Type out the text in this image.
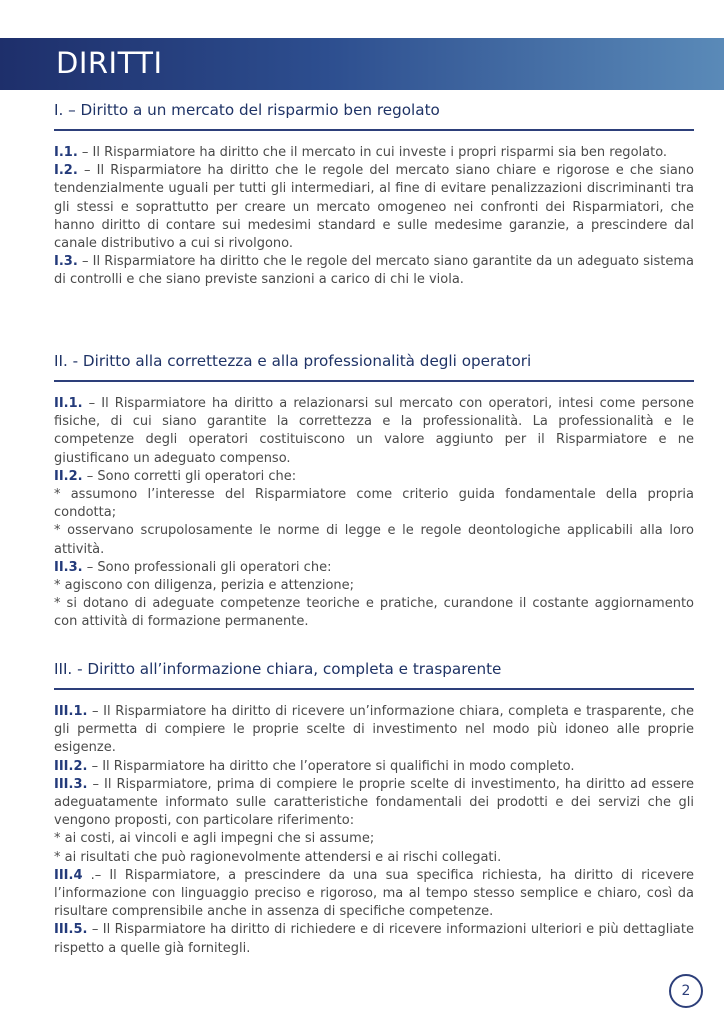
DIRITTI
I. – Diritto a un mercato del risparmio ben regolato

I.1. – Il Risparmiatore ha diritto che il mercato in cui investe i propri risparmi sia ben regolato.

I.2. – Il Risparmiatore ha diritto che le regole del mercato siano chiare e rigorose e che siano tendenzialmente uguali per tutti gli intermediari, al fine di evitare penalizzazioni discriminanti tra gli stessi e soprattutto per creare un mercato omogeneo nei confronti dei Risparmiatori, che hanno diritto di contare sui medesimi standard e sulle medesime garanzie, a prescindere dal canale distributivo a cui si rivolgono.

I.3. – Il Risparmiatore ha diritto che le regole del mercato siano garantite da un adeguato sistema di controlli e che siano previste sanzioni a carico di chi le viola.

II. - Diritto alla correttezza e alla professionalità degli operatori

II.1. – Il Risparmiatore ha diritto a relazionarsi sul mercato con operatori, intesi come persone fisiche, di cui siano garantite la correttezza e la professionalità. La professionalità e le competenze degli operatori costituiscono un valore aggiunto per il Risparmiatore e ne giustificano un adeguato compenso.

II.2. – Sono corretti gli operatori che:

* assumono l’interesse del Risparmiatore come criterio guida fondamentale della propria condotta;

* osservano scrupolosamente le norme di legge e le regole deontologiche applicabili alla loro attività.

II.3. – Sono professionali gli operatori che:

* agiscono con diligenza, perizia e attenzione;

* si dotano di adeguate competenze teoriche e pratiche, curandone il costante aggiornamento con attività di formazione permanente.

III. - Diritto all’informazione chiara, completa e trasparente

III.1. – Il Risparmiatore ha diritto di ricevere un’informazione chiara, completa e trasparente, che gli permetta di compiere le proprie scelte di investimento nel modo più idoneo alle proprie esigenze.

III.2. – Il Risparmiatore ha diritto che l’operatore si qualifichi in modo completo.

III.3. – Il Risparmiatore, prima di compiere le proprie scelte di investimento, ha diritto ad essere adeguatamente informato sulle caratteristiche fondamentali dei prodotti e dei servizi che gli vengono proposti, con particolare riferimento:

* ai costi, ai vincoli e agli impegni che si assume;

* ai risultati che può ragionevolmente attendersi e ai rischi collegati.

III.4 .– Il Risparmiatore, a prescindere da una sua specifica richiesta, ha diritto di ricevere l’informazione con linguaggio preciso e rigoroso, ma al tempo stesso semplice e chiaro, così da risultare comprensibile anche in assenza di specifiche competenze.

III.5. – Il Risparmiatore ha diritto di richiedere e di ricevere informazioni ulteriori e più dettagliate rispetto a quelle già fornitegli.

2
